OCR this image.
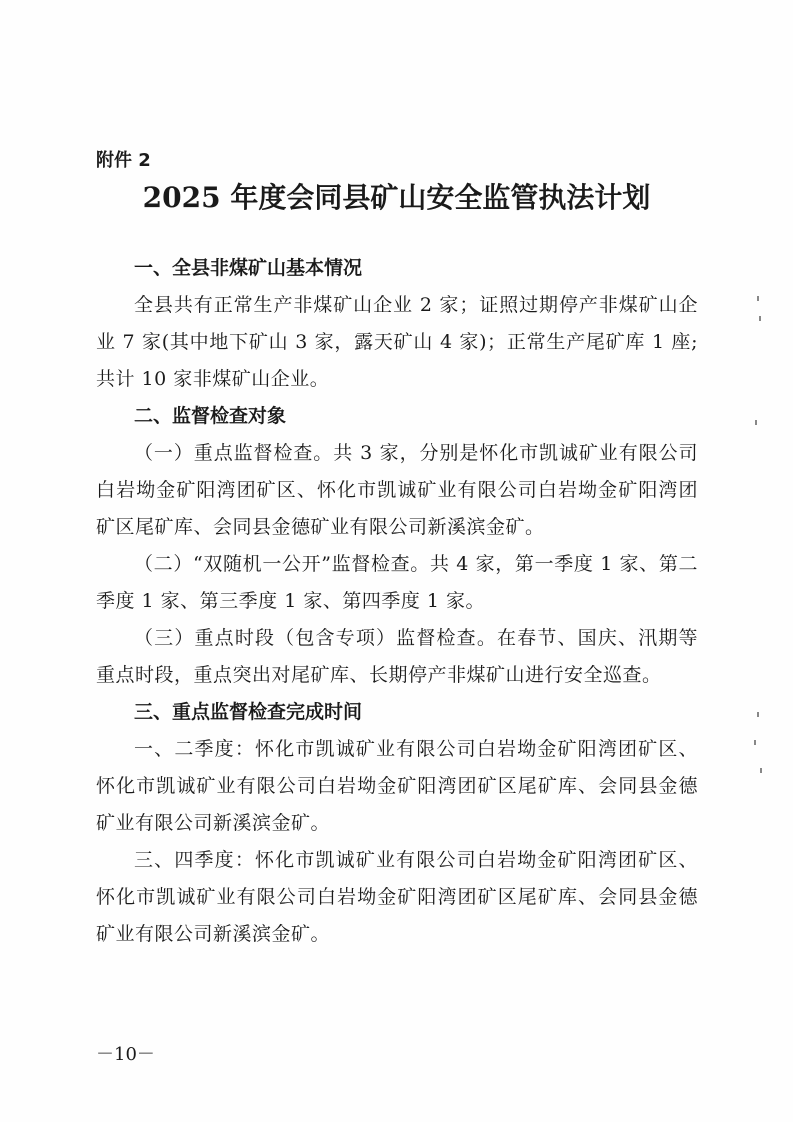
附件 2
2025 年度会同县矿山安全监管执法计划
一、全县非煤矿山基本情况

全县共有正常生产非煤矿山企业 2 家；证照过期停产非煤矿山企业 7 家(其中地下矿山 3 家，露天矿山 4 家)；正常生产尾矿库 1 座;共计 10 家非煤矿山企业。

二、监督检查对象

（一）重点监督检查。共 3 家，分别是怀化市凯诚矿业有限公司白岩坳金矿阳湾团矿区、怀化市凯诚矿业有限公司白岩坳金矿阳湾团矿区尾矿库、会同县金德矿业有限公司新溪滨金矿。

（二）“双随机一公开”监督检查。共 4 家，第一季度 1 家、第二季度 1 家、第三季度 1 家、第四季度 1 家。

（三）重点时段（包含专项）监督检查。在春节、国庆、汛期等重点时段，重点突出对尾矿库、长期停产非煤矿山进行安全巡查。

三、重点监督检查完成时间

一、二季度：怀化市凯诚矿业有限公司白岩坳金矿阳湾团矿区、怀化市凯诚矿业有限公司白岩坳金矿阳湾团矿区尾矿库、会同县金德矿业有限公司新溪滨金矿。

三、四季度：怀化市凯诚矿业有限公司白岩坳金矿阳湾团矿区、怀化市凯诚矿业有限公司白岩坳金矿阳湾团矿区尾矿库、会同县金德矿业有限公司新溪滨金矿。

－10－
